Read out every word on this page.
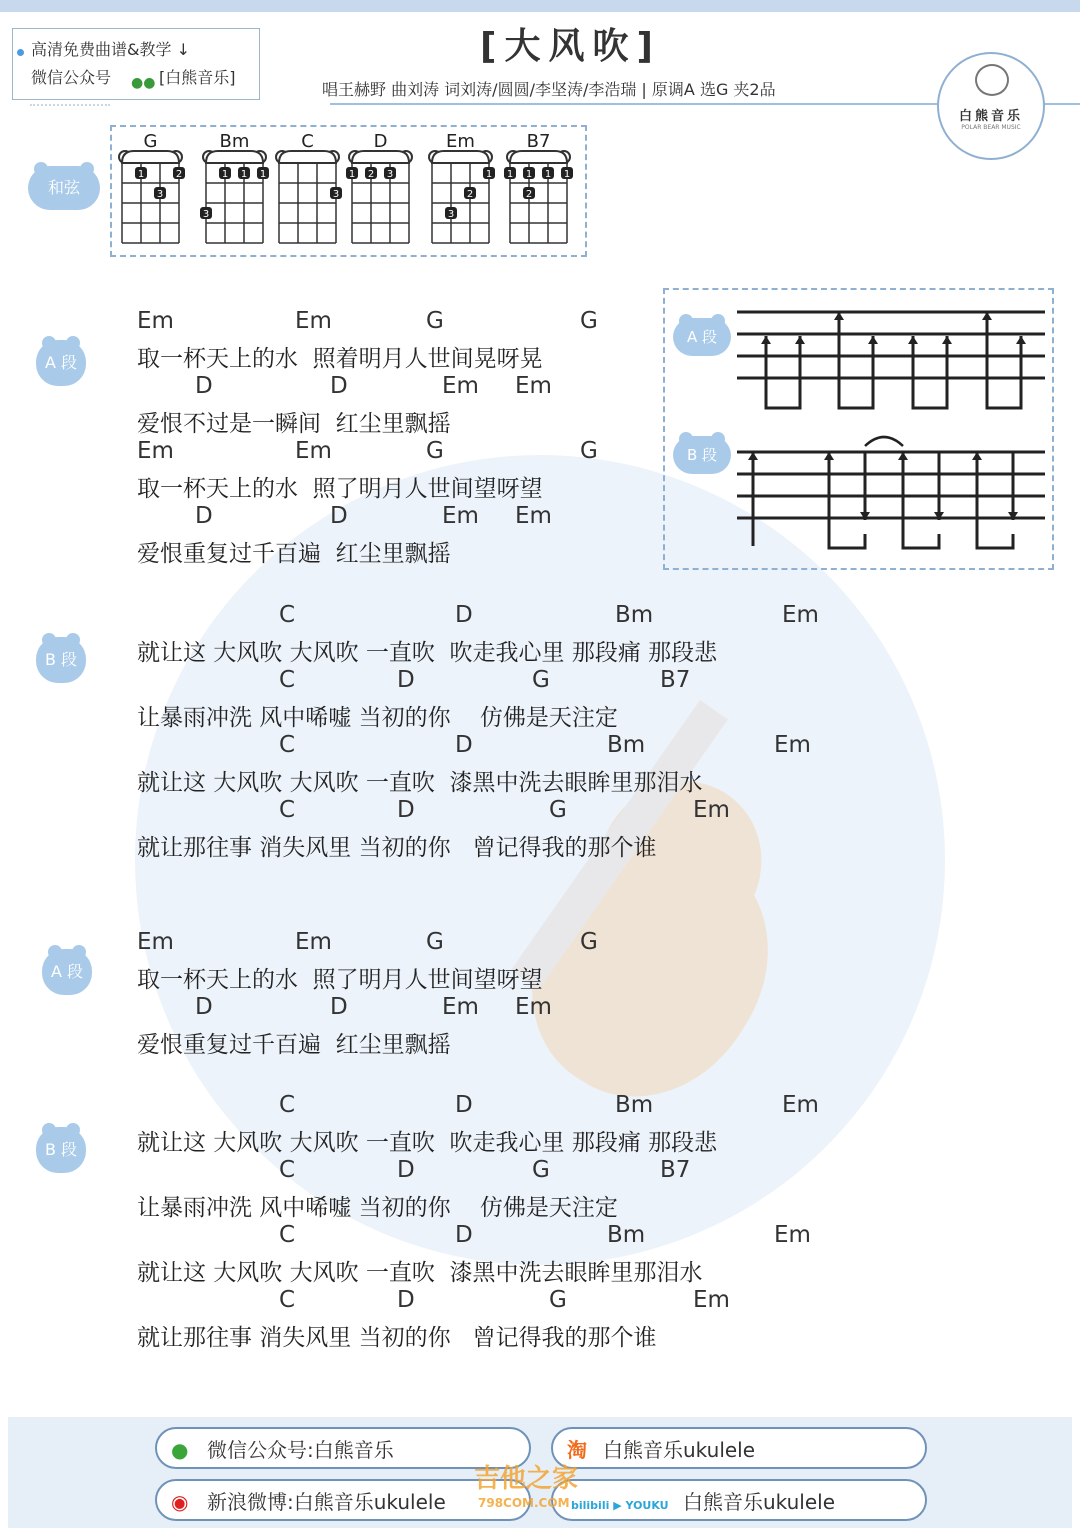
高清免费曲谱&教学 ↓
微信公众号 ●● [白熊音乐]
[大风吹]
唱王赫野 曲刘涛 词刘涛/圆圆/李坚涛/李浩瑞 | 原调A 选G 夹2品
白熊音乐
POLAR BEAR MUSIC
和弦
G
1	2
3
Bm
1 1 1
3
C
3
D
1 2 3
Em
1
2
3
B7
1 1 1 1
2
A 段
B 段
A 段
Em	Em	G	G
取一杯天上的水  照着明月人世间晃呀晃
D	D	Em Em
爱恨不过是一瞬间  红尘里飘摇
Em	Em	G	G
取一杯天上的水  照了明月人世间望呀望
D	D	Em Em
爱恨重复过千百遍  红尘里飘摇
B 段
C	D	Bm	Em
就让这 大风吹 大风吹 一直吹  吹走我心里 那段痛 那段悲
C	D	G	B7
让暴雨冲洗 风中唏嘘 当初的你    仿佛是天注定
C	D	Bm	Em
就让这 大风吹 大风吹 一直吹  漆黑中洗去眼眸里那泪水
C	D	G	Em
就让那往事 消失风里 当初的你   曾记得我的那个谁
A 段
Em	Em	G	G
取一杯天上的水  照了明月人世间望呀望
D	D	Em Em
爱恨重复过千百遍  红尘里飘摇
B 段
C	D	Bm	Em
就让这 大风吹 大风吹 一直吹  吹走我心里 那段痛 那段悲
C	D	G	B7
让暴雨冲洗 风中唏嘘 当初的你    仿佛是天注定
C	D	Bm	Em
就让这 大风吹 大风吹 一直吹  漆黑中洗去眼眸里那泪水
C	D	G	Em
就让那往事 消失风里 当初的你   曾记得我的那个谁
● 微信公众号:白熊音乐	淘 白熊音乐ukulele
◉ 新浪微博:白熊音乐ukulele	bilibili ▶ YOUKU 白熊音乐ukulele
吉他之家
798COM.COM
